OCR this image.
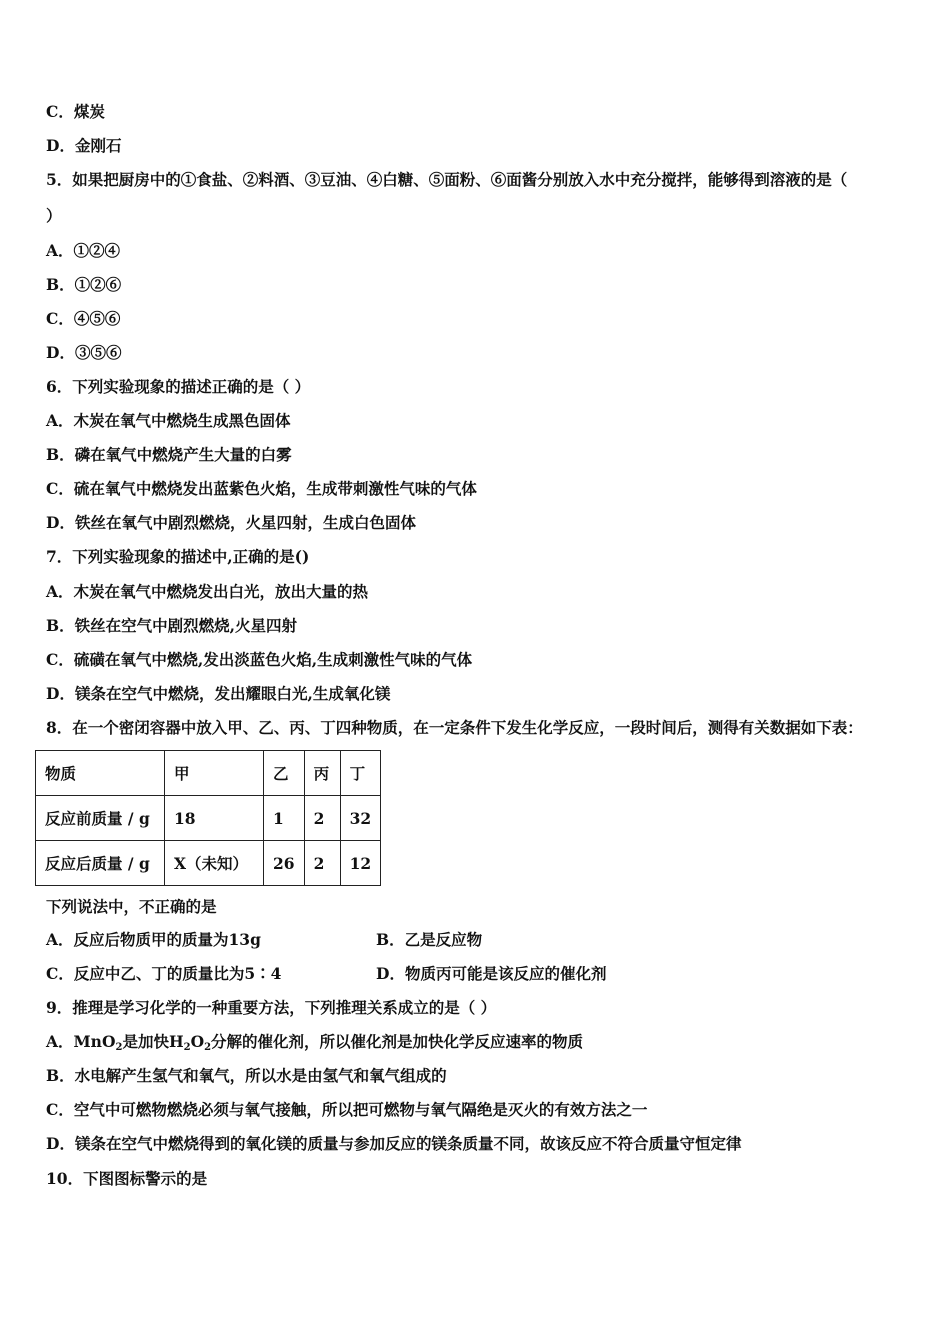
C．煤炭
D．金刚石
5．如果把厨房中的①食盐、②料酒、③豆油、④白糖、⑤面粉、⑥面酱分别放入水中充分搅拌，能够得到溶液的是（
）
A．①②④
B．①②⑥
C．④⑤⑥
D．③⑤⑥
6．下列实验现象的描述正确的是（ ）
A．木炭在氧气中燃烧生成黑色固体
B．磷在氧气中燃烧产生大量的白雾
C．硫在氧气中燃烧发出蓝紫色火焰，生成带刺激性气味的气体
D．铁丝在氧气中剧烈燃烧，火星四射，生成白色固体
7．下列实验现象的描述中,正确的是()
A．木炭在氧气中燃烧发出白光，放出大量的热
B．铁丝在空气中剧烈燃烧,火星四射
C．硫磺在氧气中燃烧,发出淡蓝色火焰,生成刺激性气味的气体
D．镁条在空气中燃烧，发出耀眼白光,生成氧化镁
8．在一个密闭容器中放入甲、乙、丙、丁四种物质，在一定条件下发生化学反应，一段时间后，测得有关数据如下表：
物质	甲	乙	丙	丁
反应前质量 / g	18	1	2	32
反应后质量 / g	X（未知）	26	2	12
下列说法中，不正确的是
A．反应后物质甲的质量为13g	B．乙是反应物
C．反应中乙、丁的质量比为5∶4	D．物质丙可能是该反应的催化剂
9．推理是学习化学的一种重要方法，下列推理关系成立的是（ ）
A．MnO$_2$是加快$H_2O_2$分解的催化剂，所以催化剂是加快化学反应速率的物质
B．水电解产生氢气和氧气，所以水是由氢气和氧气组成的
C．空气中可燃物燃烧必须与氧气接触，所以把可燃物与氧气隔绝是灭火的有效方法之一
D．镁条在空气中燃烧得到的氧化镁的质量与参加反应的镁条质量不同，故该反应不符合质量守恒定律
10．下图图标警示的是
